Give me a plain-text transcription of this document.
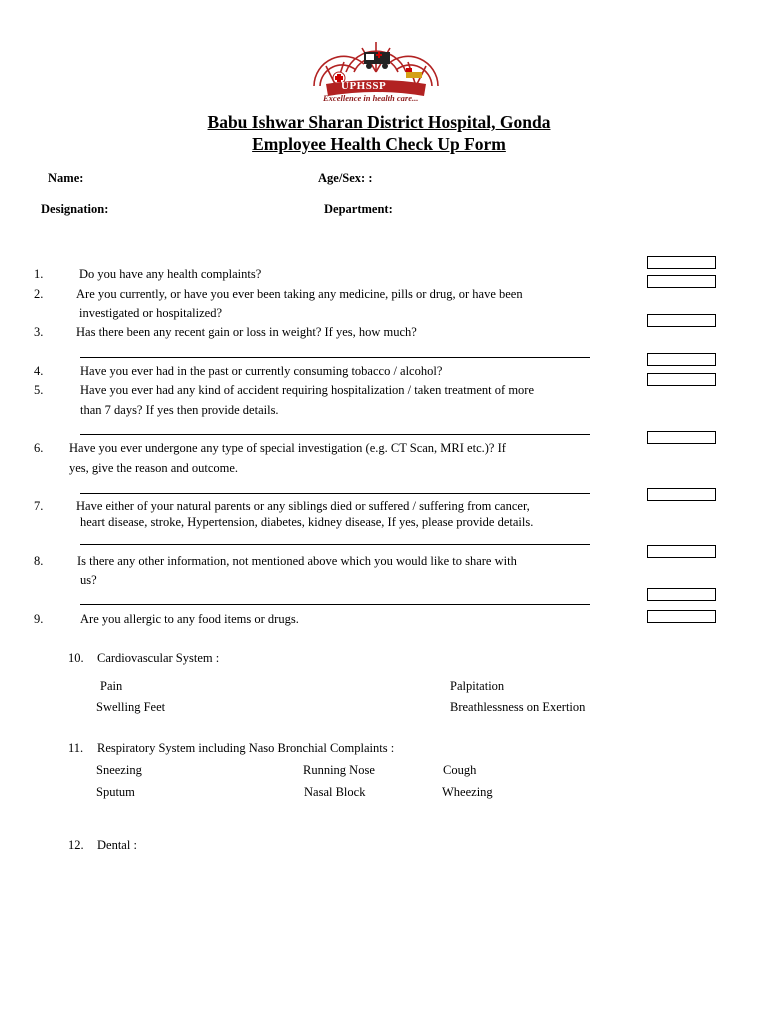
UPHSSP
Excellence in health care...
Babu Ishwar Sharan District Hospital, Gonda
Employee Health Check Up Form
Name:	Age/Sex: :
Designation:	Department:
1.	Do you have any health complaints?
2.	Are you currently, or have you ever been taking any medicine, pills or drug, or have been
investigated or hospitalized?
3.	Has there been any recent gain or loss in weight? If yes, how much?
4.	Have you ever had in the past or currently consuming tobacco / alcohol?
5.	Have you ever had any kind of accident requiring hospitalization / taken treatment of more
than 7 days? If yes then provide details.
6. Have you ever undergone any type of special investigation (e.g. CT Scan, MRI etc.)? If
yes, give the reason and outcome.
7.	Have either of your natural parents or any siblings died or suffered / suffering from cancer,
heart disease, stroke, Hypertension, diabetes, kidney disease, If yes, please provide details.
8.	Is there any other information, not mentioned above which you would like to share with
us?
9.	Are you allergic to any food items or drugs.
10. Cardiovascular System :
Pain	Palpitation
Swelling Feet	Breathlessness on Exertion
11. Respiratory System including Naso Bronchial Complaints :
Sneezing	Running Nose	Cough
Sputum	Nasal Block	Wheezing
12. Dental :
